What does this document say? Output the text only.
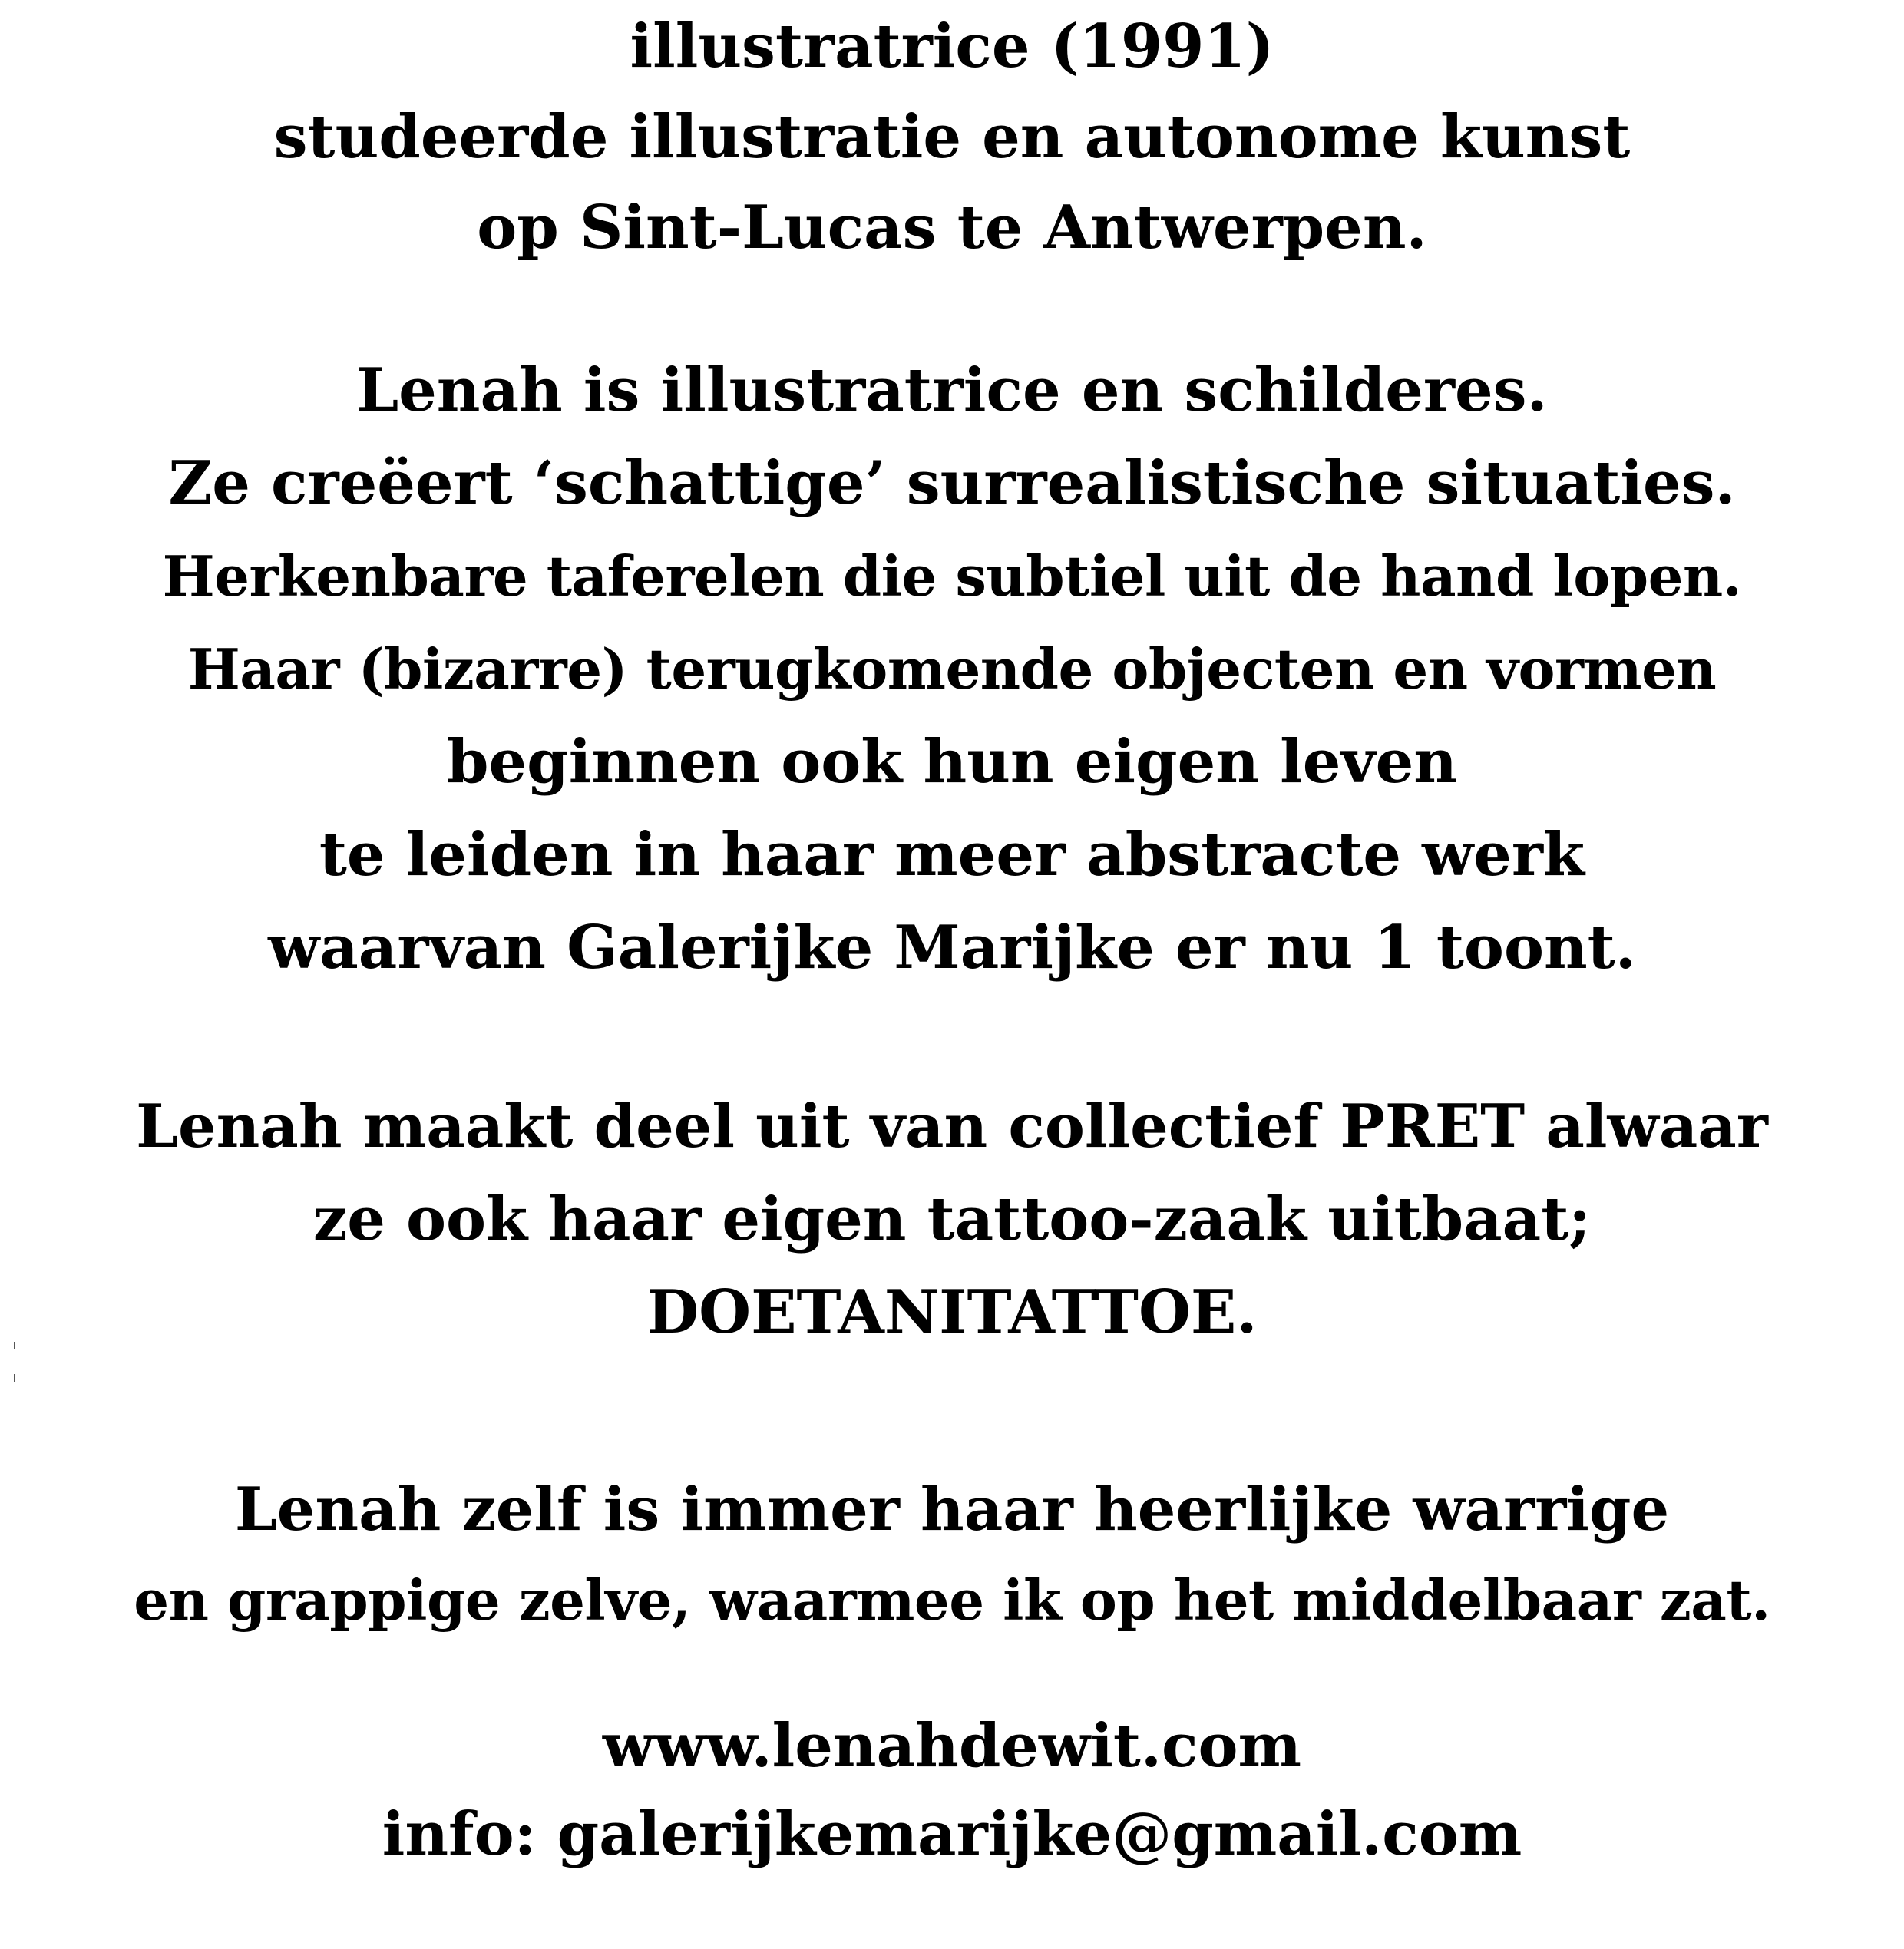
illustratrice (1991)
studeerde illustratie en autonome kunst
op Sint-Lucas te Antwerpen.
Lenah is illustratrice en schilderes.
Ze creëert ‘schattige’ surrealistische situaties.
Herkenbare taferelen die subtiel uit de hand lopen.
Haar (bizarre) terugkomende objecten en vormen
beginnen ook hun eigen leven
te leiden in haar meer abstracte werk
waarvan Galerijke Marijke er nu 1 toont.
Lenah maakt deel uit van collectief PRET alwaar
ze ook haar eigen tattoo-zaak uitbaat;
DOETANITATTOE.
Lenah zelf is immer haar heerlijke warrige
en grappige zelve, waarmee ik op het middelbaar zat.
www.lenahdewit.com
info: galerijkemarijke@gmail.com
